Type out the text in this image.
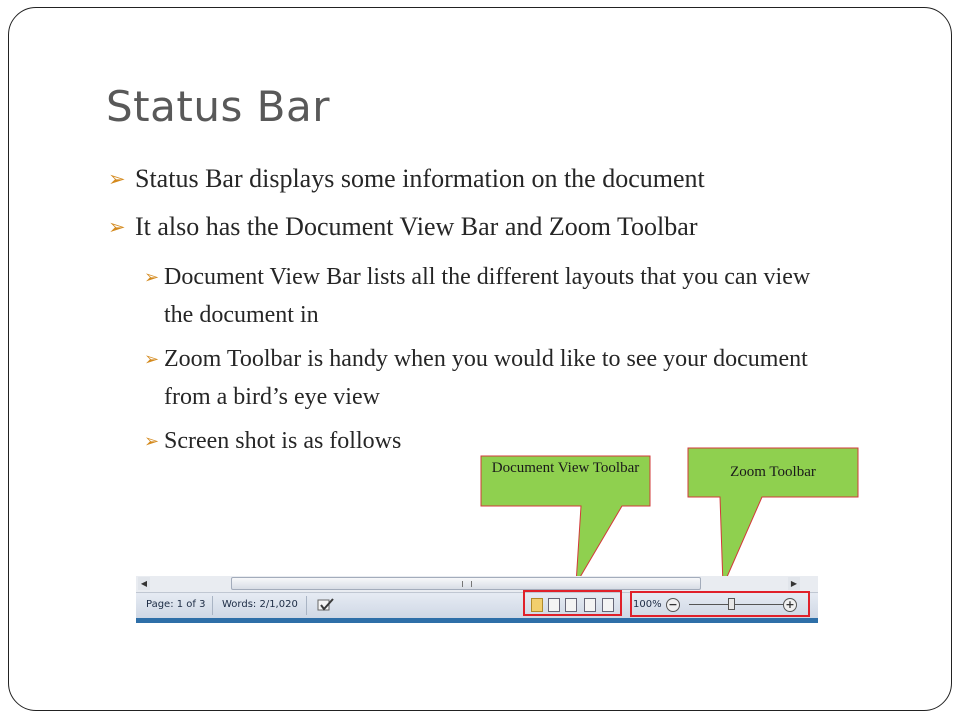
Status Bar
➢ Status Bar displays some information on the document
➢ It also has the Document View Bar and Zoom Toolbar
➢ Document View Bar lists all the different layouts that you can view the document in
➢ Zoom Toolbar is handy when you would like to see your document from a bird’s eye view
➢ Screen shot is as follows
Document View Toolbar	Zoom Toolbar
◀	▶
Page: 1 of 3 Words: 2/1,020	100% −	+
